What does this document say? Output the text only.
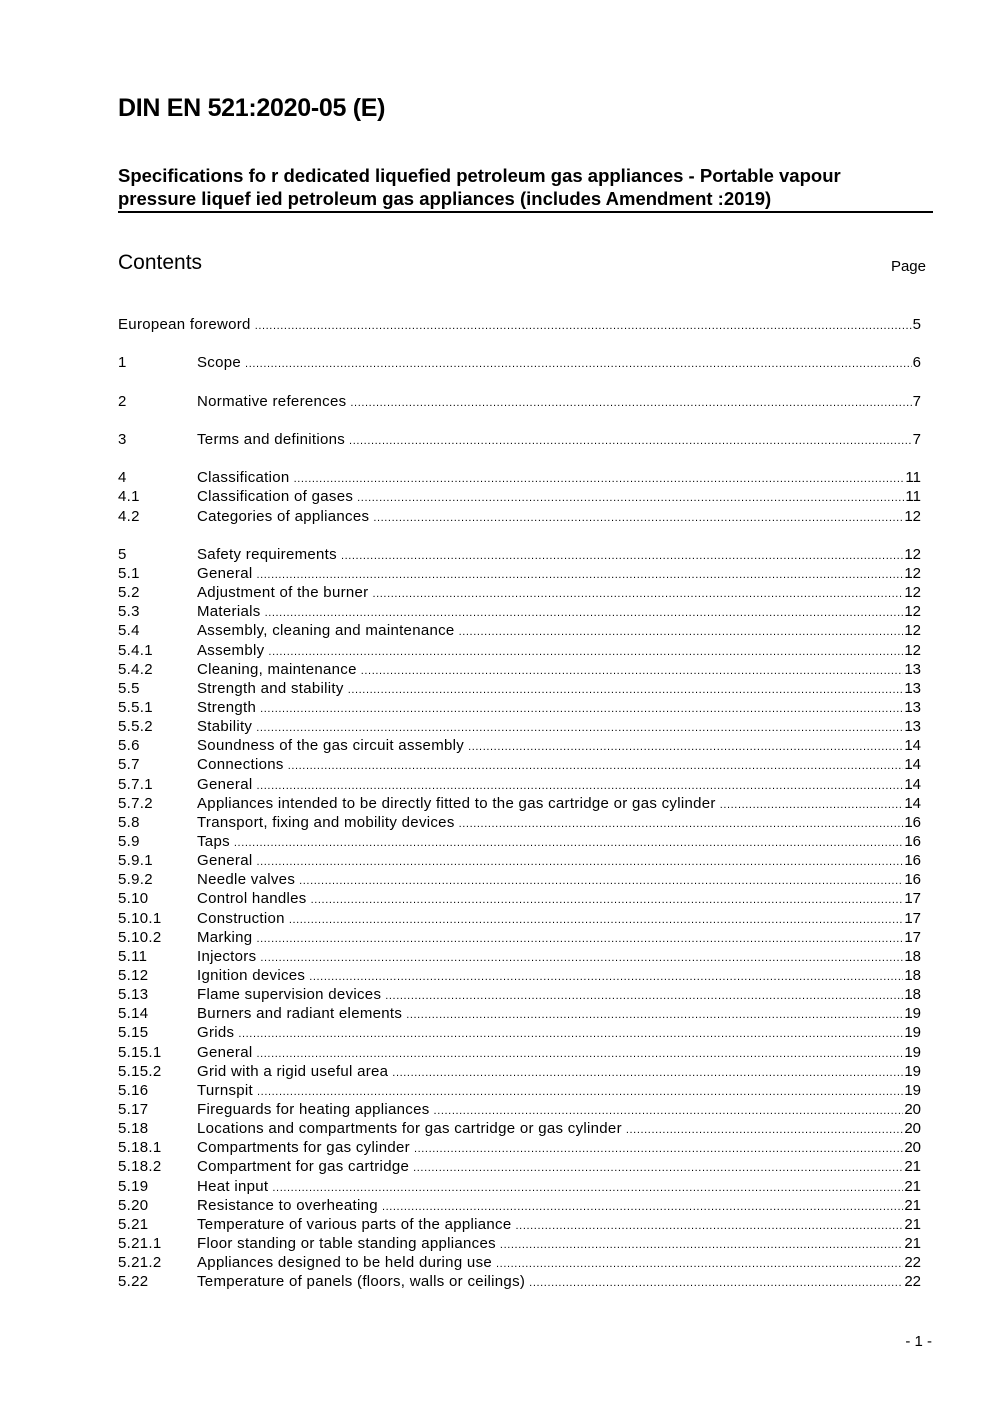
DIN EN 521:2020-05 (E)
Specifications fo r dedicated liquefied petroleum gas appliances - Portable vapour
pressure liquef ied petroleum gas appliances (includes Amendment :2019)
Contents	Page
European foreword .....	5
1	Scope .....	6
2	Normative references .....	7
3	Terms and definitions .....	7
4	Classification .....	11
4.1	Classification of gases .....	11
4.2	Categories of appliances .....	12
5	Safety requirements .....	12
5.1	General .....	12
5.2	Adjustment of the burner .....	12
5.3	Materials .....	12
5.4	Assembly, cleaning and maintenance .....	12
5.4.1	Assembly .....	12
5.4.2	Cleaning, maintenance .....	13
5.5	Strength and stability .....	13
5.5.1	Strength .....	13
5.5.2	Stability .....	13
5.6	Soundness of the gas circuit assembly .....	14
5.7	Connections .....	14
5.7.1	General .....	14
5.7.2	Appliances intended to be directly fitted to the gas cartridge or gas cylinder .....	14
5.8	Transport, fixing and mobility devices .....	16
5.9	Taps .....	16
5.9.1	General .....	16
5.9.2	Needle valves .....	16
5.10	Control handles .....	17
5.10.1	Construction .....	17
5.10.2	Marking .....	17
5.11	Injectors .....	18
5.12	Ignition devices .....	18
5.13	Flame supervision devices .....	18
5.14	Burners and radiant elements .....	19
5.15	Grids .....	19
5.15.1	General .....	19
5.15.2	Grid with a rigid useful area .....	19
5.16	Turnspit .....	19
5.17	Fireguards for heating appliances .....	20
5.18	Locations and compartments for gas cartridge or gas cylinder .....	20
5.18.1	Compartments for gas cylinder .....	20
5.18.2	Compartment for gas cartridge .....	21
5.19	Heat input .....	21
5.20	Resistance to overheating .....	21
5.21	Temperature of various parts of the appliance .....	21
5.21.1	Floor standing or table standing appliances .....	21
5.21.2	Appliances designed to be held during use .....	22
5.22	Temperature of panels (floors, walls or ceilings) .....	22
- 1 -
